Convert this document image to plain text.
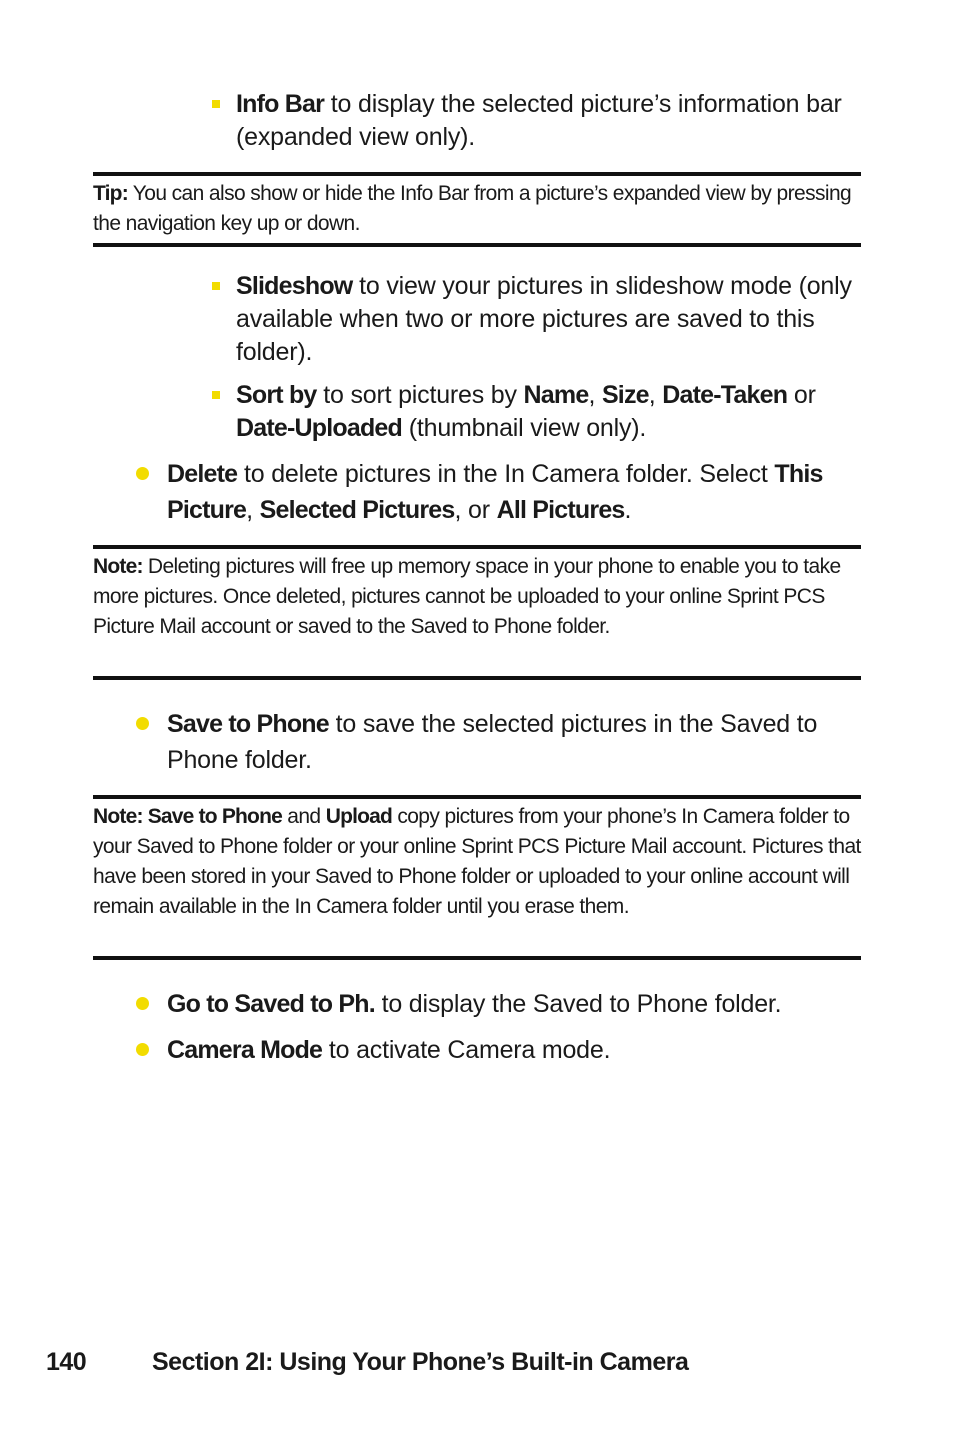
Info Bar to display the selected picture’s information bar (expanded view only).
Tip: You can also show or hide the Info Bar from a picture’s expanded view by pressing the navigation key up or down.
Slideshow to view your pictures in slideshow mode (only available when two or more pictures are saved to this folder).
Sort by to sort pictures by Name, Size, Date-Taken or Date-Uploaded (thumbnail view only).
Delete to delete pictures in the In Camera folder. Select This Picture, Selected Pictures, or All Pictures.
Note: Deleting pictures will free up memory space in your phone to enable you to take more pictures. Once deleted, pictures cannot be uploaded to your online Sprint PCS Picture Mail account or saved to the Saved to Phone folder.
Save to Phone to save the selected pictures in the Saved to Phone folder.
Note: Save to Phone and Upload copy pictures from your phone’s In Camera folder to your Saved to Phone folder or your online Sprint PCS Picture Mail account. Pictures that have been stored in your Saved to Phone folder or uploaded to your online account will remain available in the In Camera folder until you erase them.
Go to Saved to Ph. to display the Saved to Phone folder.
Camera Mode to activate Camera mode.
140	Section 2I: Using Your Phone’s Built-in Camera
